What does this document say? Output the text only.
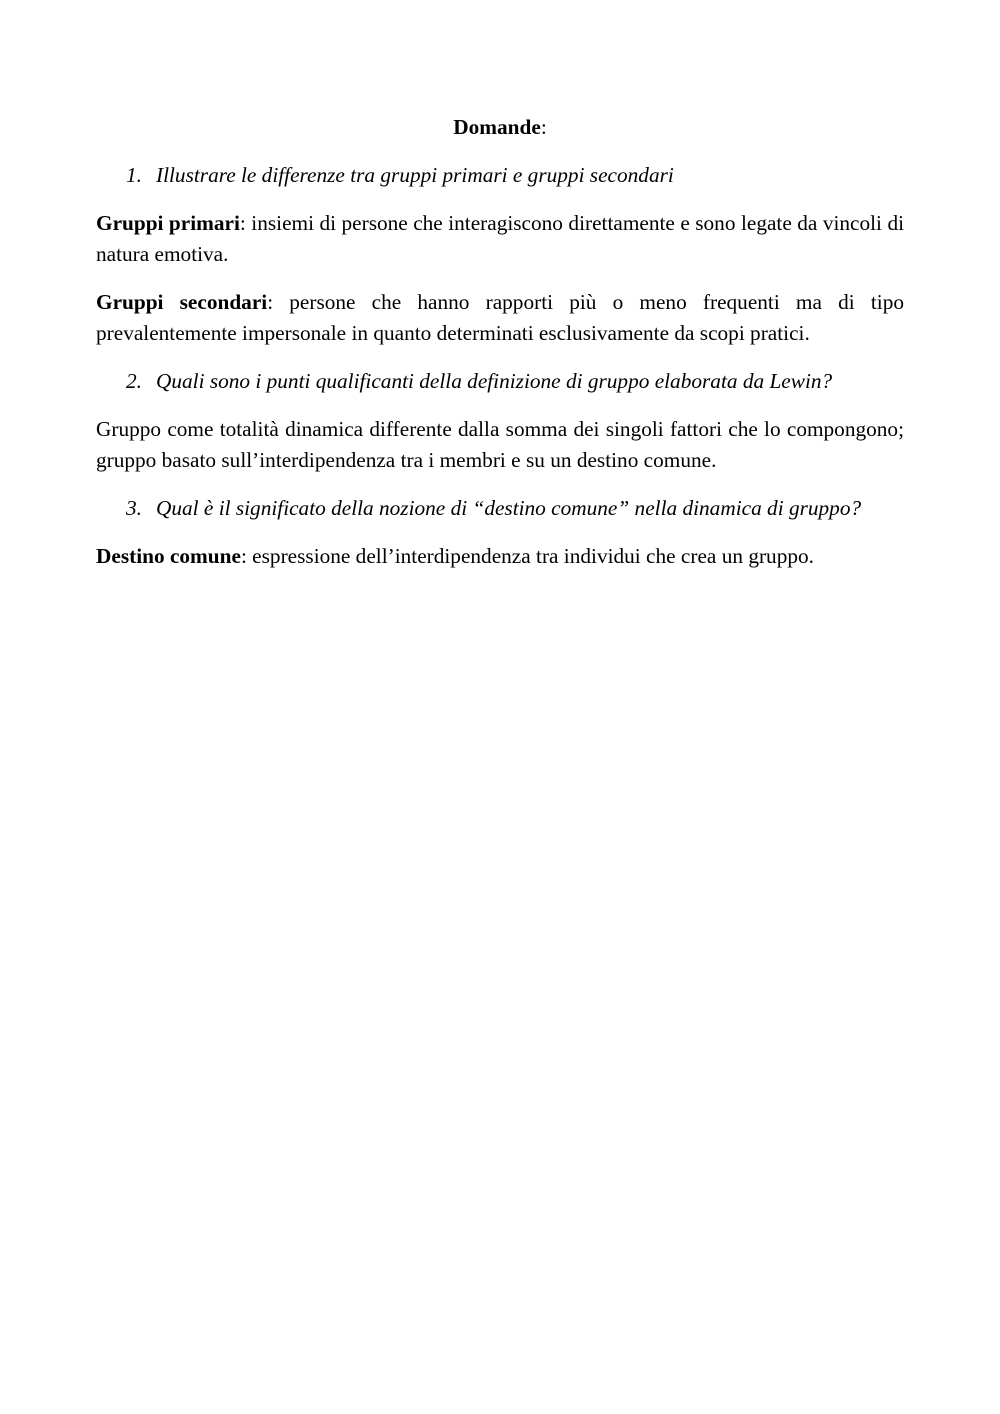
Domande:
1. Illustrare le differenze tra gruppi primari e gruppi secondari

Gruppi primari: insiemi di persone che interagiscono direttamente e sono legate da vincoli di natura emotiva.

Gruppi secondari: persone che hanno rapporti più o meno frequenti ma di tipo prevalentemente impersonale in quanto determinati esclusivamente da scopi pratici.

2. Quali sono i punti qualificanti della definizione di gruppo elaborata da Lewin?

Gruppo come totalità dinamica differente dalla somma dei singoli fattori che lo compongono; gruppo basato sull’interdipendenza tra i membri e su un destino comune.

3. Qual è il significato della nozione di “destino comune” nella dinamica di gruppo?

Destino comune: espressione dell’interdipendenza tra individui che crea un gruppo.
